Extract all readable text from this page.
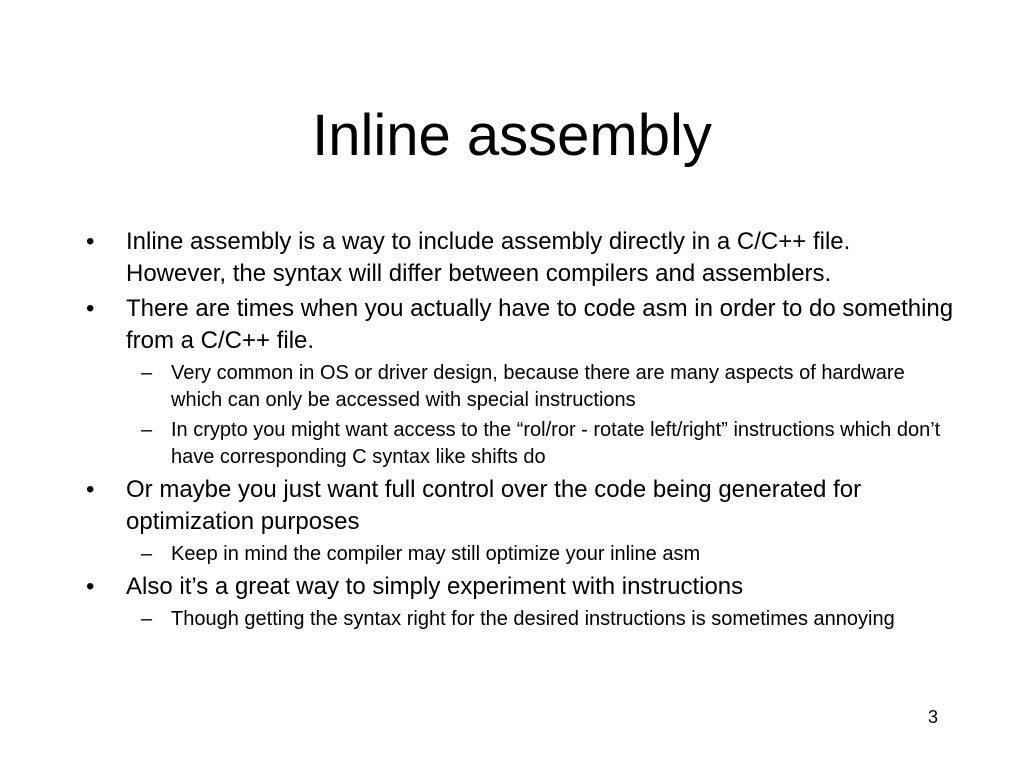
Inline assembly
• Inline assembly is a way to include assembly directly in a C/C++ file. However, the syntax will differ between compilers and assemblers.
• There are times when you actually have to code asm in order to do something from a C/C++ file.
– Very common in OS or driver design, because there are many aspects of hardware which can only be accessed with special instructions
– In crypto you might want access to the “rol/ror - rotate left/right” instructions which don’t have corresponding C syntax like shifts do
• Or maybe you just want full control over the code being generated for optimization purposes
– Keep in mind the compiler may still optimize your inline asm
• Also it’s a great way to simply experiment with instructions
– Though getting the syntax right for the desired instructions is sometimes annoying
3
